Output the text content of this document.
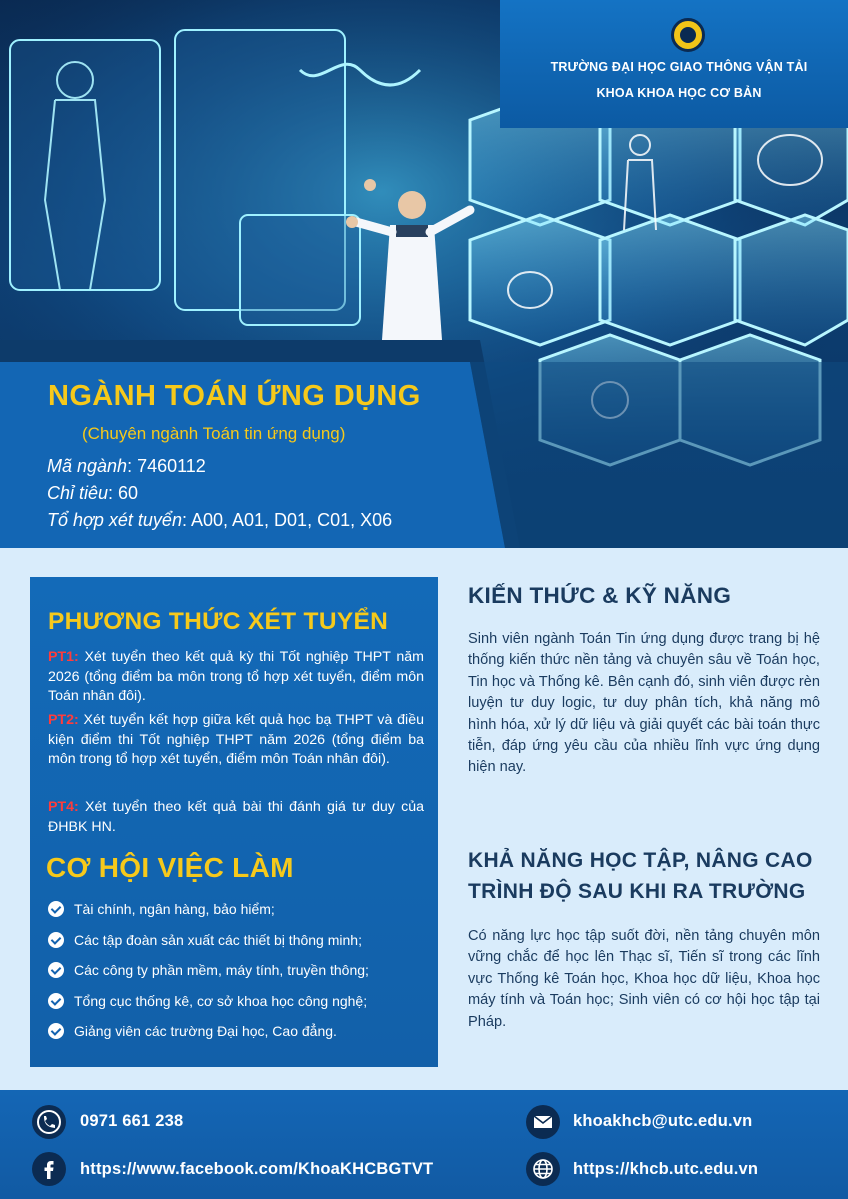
TRƯỜNG ĐẠI HỌC GIAO THÔNG VẬN TẢI
KHOA KHOA HỌC CƠ BẢN
NGÀNH TOÁN ỨNG DỤNG
(Chuyên ngành Toán tin ứng dụng)
Mã ngành: 7460112
Chỉ tiêu: 60
Tổ hợp xét tuyển: A00, A01, D01, C01, X06
PHƯƠNG THỨC XÉT TUYỂN
PT1: Xét tuyển theo kết quả kỳ thi Tốt nghiệp THPT năm 2026 (tổng điểm ba môn trong tổ hợp xét tuyển, điểm môn Toán nhân đôi).
PT2: Xét tuyển kết hợp giữa kết quả học bạ THPT và điều kiện điểm thi Tốt nghiệp THPT năm 2026 (tổng điểm ba môn trong tổ hợp xét tuyển, điểm môn Toán nhân đôi).
PT4: Xét tuyển theo kết quả bài thi đánh giá tư duy của ĐHBK HN.
CƠ HỘI VIỆC LÀM
Tài chính, ngân hàng, bảo hiểm;
Các tập đoàn sản xuất các thiết bị thông minh;
Các công ty phần mềm, máy tính, truyền thông;
Tổng cục thống kê, cơ sở khoa học công nghệ;
Giảng viên các trường Đại học, Cao đẳng.
KIẾN THỨC & KỸ NĂNG
Sinh viên ngành Toán Tin ứng dụng được trang bị hệ thống kiến thức nền tảng và chuyên sâu về Toán học, Tin học và Thống kê. Bên cạnh đó, sinh viên được rèn luyện tư duy logic, tư duy phân tích, khả năng mô hình hóa, xử lý dữ liệu và giải quyết các bài toán thực tiễn, đáp ứng yêu cầu của nhiều lĩnh vực ứng dụng hiện nay.
KHẢ NĂNG HỌC TẬP, NÂNG CAO
TRÌNH ĐỘ SAU KHI RA TRƯỜNG
Có năng lực học tập suốt đời, nền tảng chuyên môn vững chắc để học lên Thạc sĩ, Tiến sĩ trong các lĩnh vực Thống kê Toán học, Khoa học dữ liệu, Khoa học máy tính và Toán học; Sinh viên có cơ hội học tập tại Pháp.
0971 661 238	khoakhcb@utc.edu.vn
https://www.facebook.com/KhoaKHCBGTVT	https://khcb.utc.edu.vn
